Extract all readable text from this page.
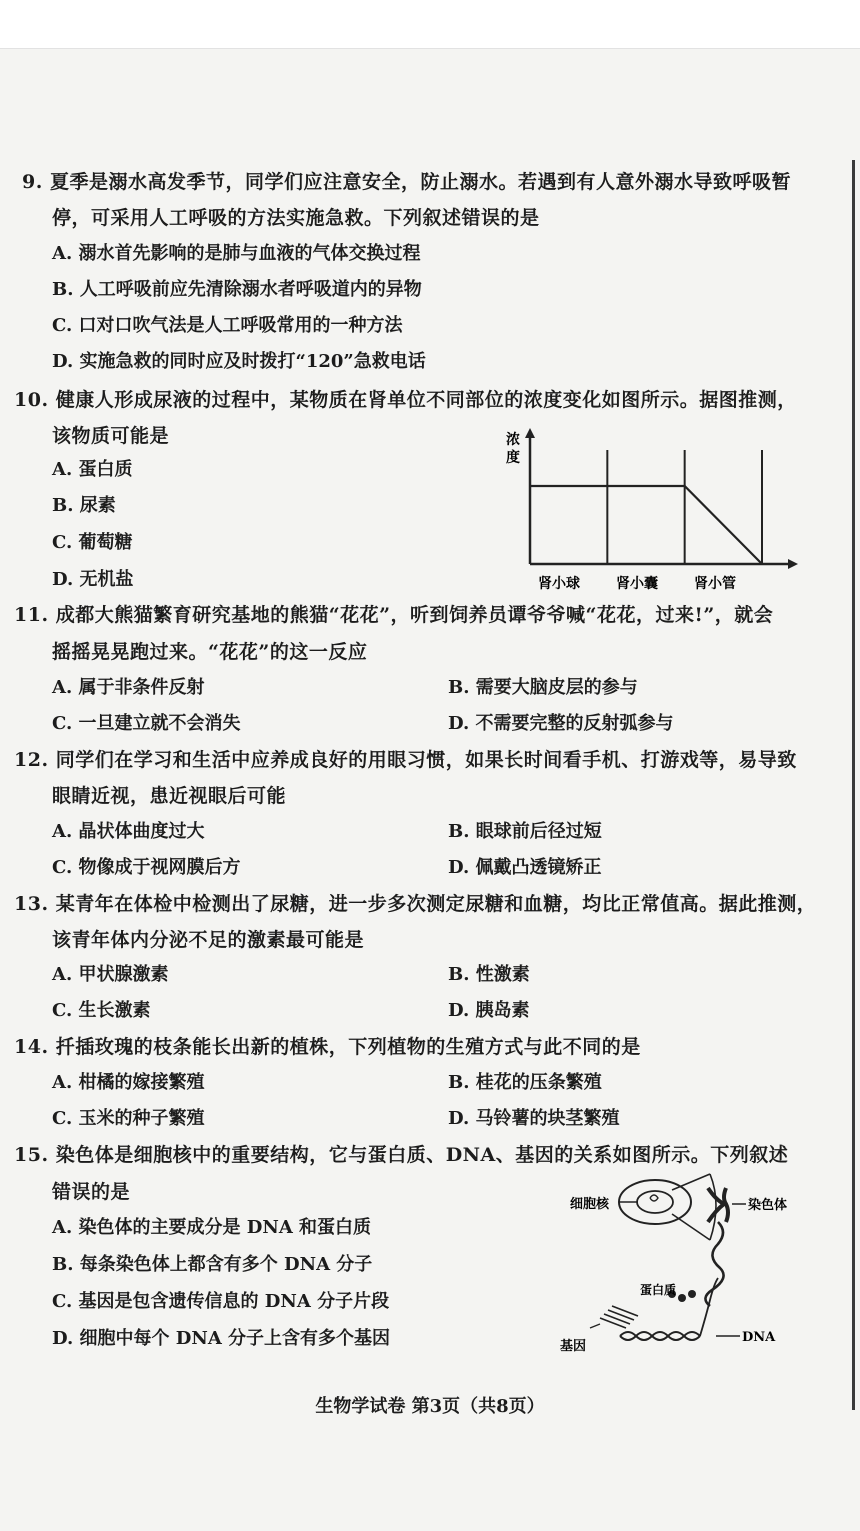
9. 夏季是溺水高发季节，同学们应注意安全，防止溺水。若遇到有人意外溺水导致呼吸暂
停，可采用人工呼吸的方法实施急救。下列叙述错误的是
A. 溺水首先影响的是肺与血液的气体交换过程
B. 人工呼吸前应先清除溺水者呼吸道内的异物
C. 口对口吹气法是人工呼吸常用的一种方法
D. 实施急救的同时应及时拨打“120”急救电话
10. 健康人形成尿液的过程中，某物质在肾单位不同部位的浓度变化如图所示。据图推测，
该物质可能是
A. 蛋白质
B. 尿素
C. 葡萄糖
D. 无机盐
浓
度
肾小球	肾小囊	肾小管
11. 成都大熊猫繁育研究基地的熊猫“花花”，听到饲养员谭爷爷喊“花花，过来!”，就会
摇摇晃晃跑过来。“花花”的这一反应
A. 属于非条件反射	B. 需要大脑皮层的参与
C. 一旦建立就不会消失	D. 不需要完整的反射弧参与
12. 同学们在学习和生活中应养成良好的用眼习惯，如果长时间看手机、打游戏等，易导致
眼睛近视，患近视眼后可能
A. 晶状体曲度过大	B. 眼球前后径过短
C. 物像成于视网膜后方	D. 佩戴凸透镜矫正
13. 某青年在体检中检测出了尿糖，进一步多次测定尿糖和血糖，均比正常值高。据此推测，
该青年体内分泌不足的激素最可能是
A. 甲状腺激素	B. 性激素
C. 生长激素	D. 胰岛素
14. 扦插玫瑰的枝条能长出新的植株，下列植物的生殖方式与此不同的是
A. 柑橘的嫁接繁殖	B. 桂花的压条繁殖
C. 玉米的种子繁殖	D. 马铃薯的块茎繁殖
15. 染色体是细胞核中的重要结构，它与蛋白质、DNA、基因的关系如图所示。下列叙述
错误的是
A. 染色体的主要成分是 DNA 和蛋白质
B. 每条染色体上都含有多个 DNA 分子
C. 基因是包含遗传信息的 DNA 分子片段
D. 细胞中每个 DNA 分子上含有多个基因
细胞核	染色体
蛋白质
基因
DNA
生物学试卷 第3页（共8页）
